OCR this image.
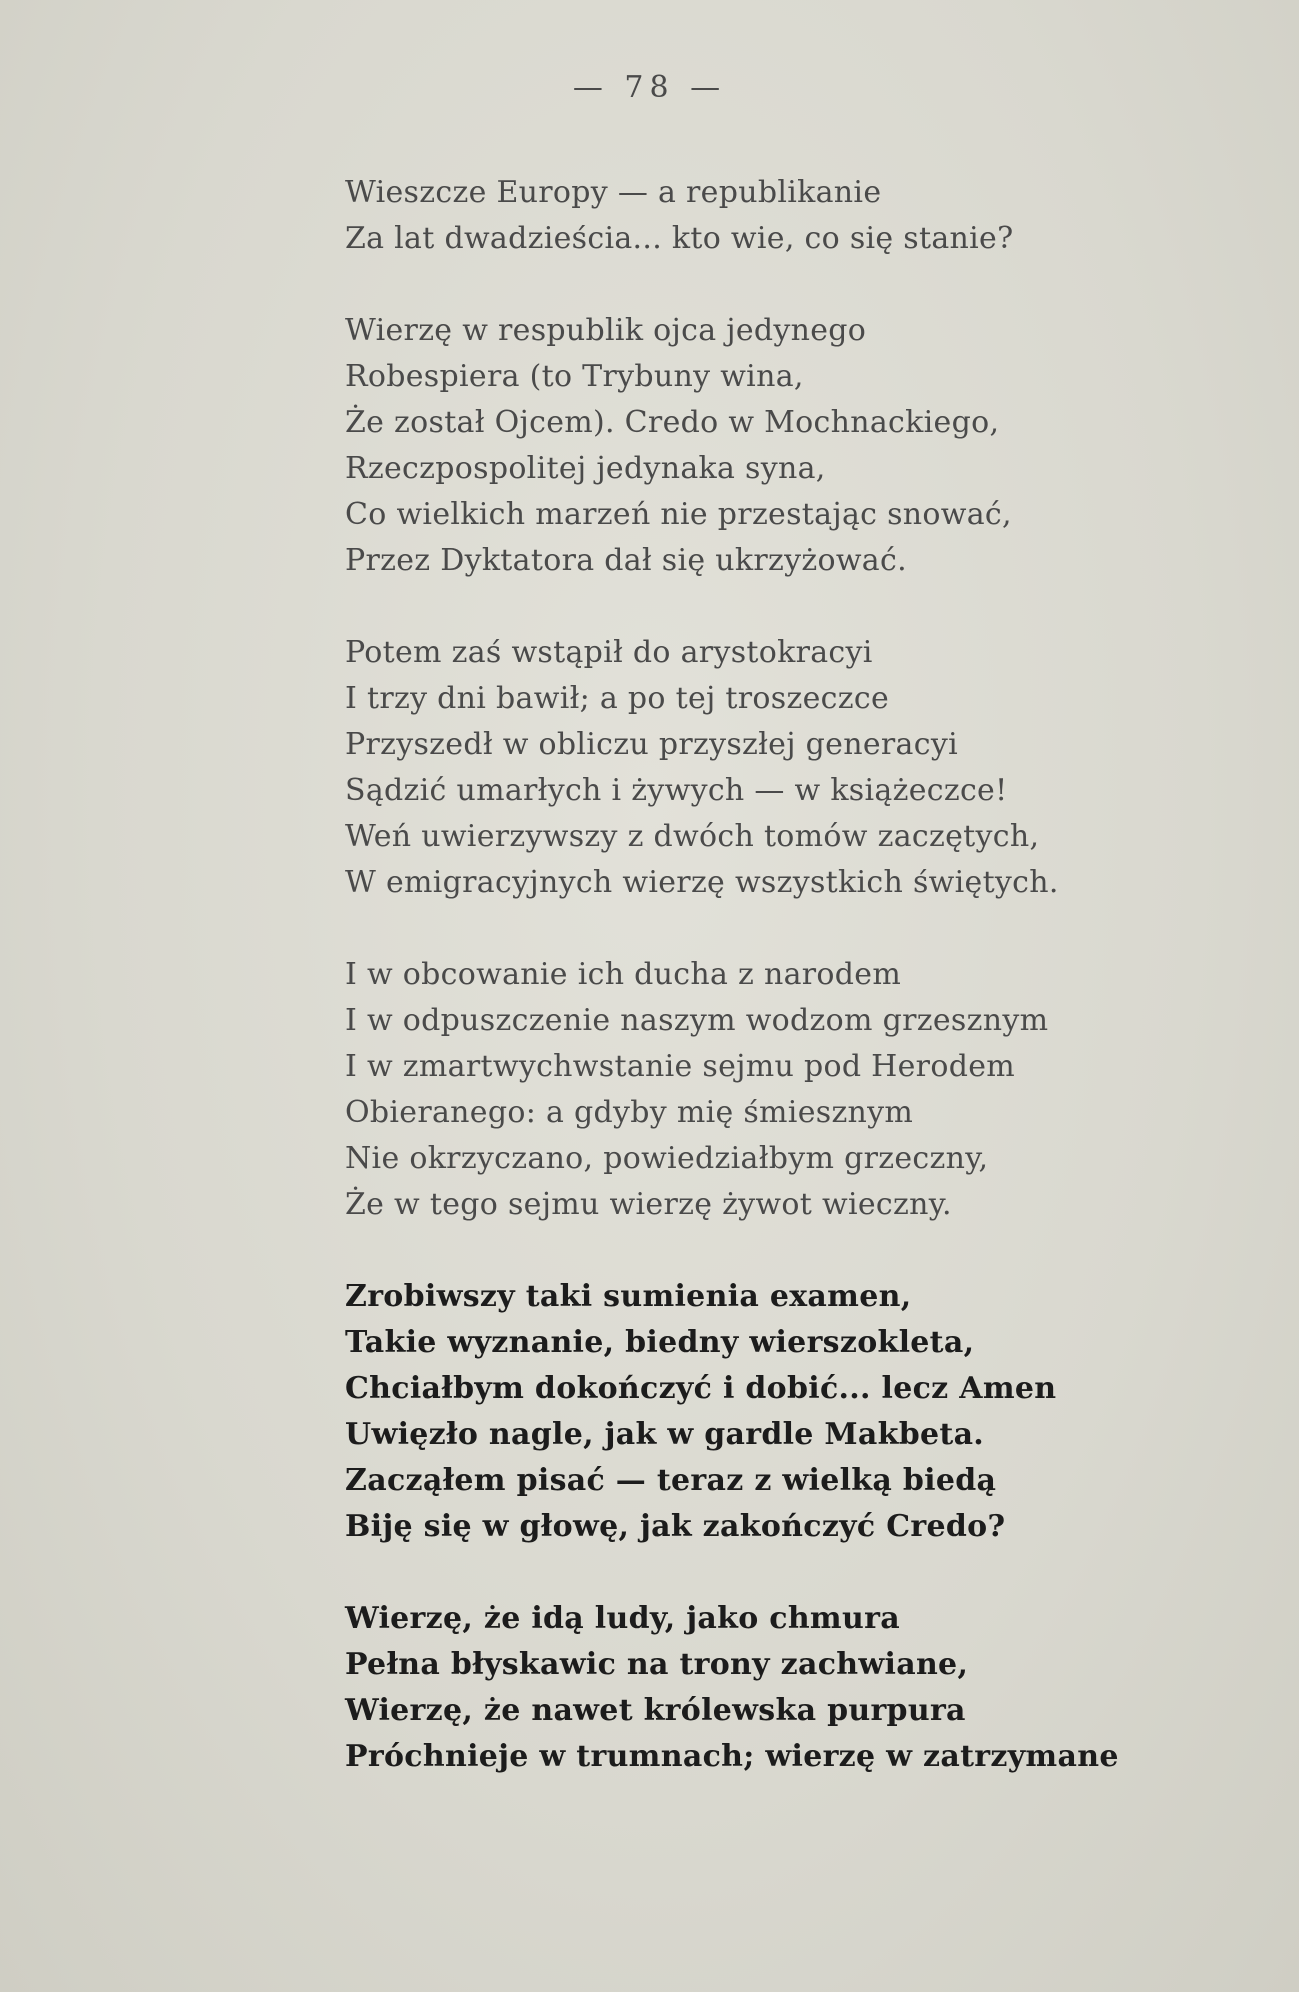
— 78 —
Wieszcze Europy — a republikanie
Za lat dwadzieścia... kto wie, co się stanie?
Wierzę w respublik ojca jedynego
Robespiera (to Trybuny wina,
Że został Ojcem). Credo w Mochnackiego,
Rzeczpospolitej jedynaka syna,
Co wielkich marzeń nie przestając snować,
Przez Dyktatora dał się ukrzyżować.
Potem zaś wstąpił do arystokracyi
I trzy dni bawił; a po tej troszeczce
Przyszedł w obliczu przyszłej generacyi
Sądzić umarłych i żywych — w książeczce!
Weń uwierzywszy z dwóch tomów zaczętych,
W emigracyjnych wierzę wszystkich świętych.
I w obcowanie ich ducha z narodem
I w odpuszczenie naszym wodzom grzesznym
I w zmartwychwstanie sejmu pod Herodem
Obieranego: a gdyby mię śmiesznym
Nie okrzyczano, powiedziałbym grzeczny,
Że w tego sejmu wierzę żywot wieczny.
Zrobiwszy taki sumienia examen,
Takie wyznanie, biedny wierszokleta,
Chciałbym dokończyć i dobić... lecz Amen
Uwięzło nagle, jak w gardle Makbeta.
Zacząłem pisać — teraz z wielką biedą
Biję się w głowę, jak zakończyć Credo?
Wierzę, że idą ludy, jako chmura
Pełna błyskawic na trony zachwiane,
Wierzę, że nawet królewska purpura
Próchnieje w trumnach; wierzę w zatrzymane
